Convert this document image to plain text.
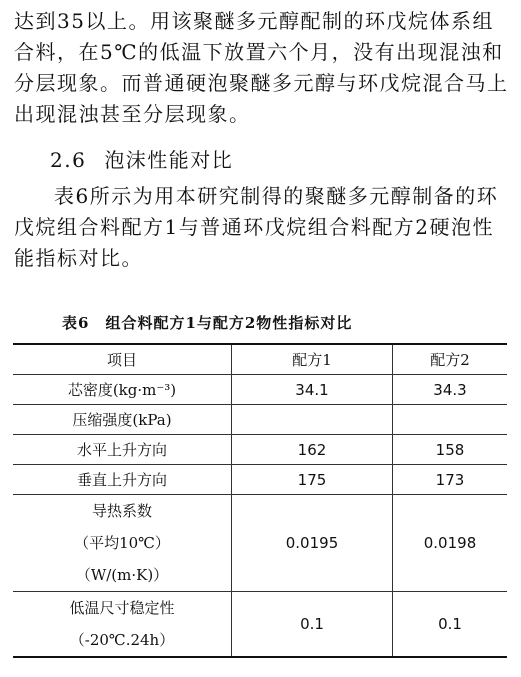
达到35以上。用该聚醚多元醇配制的环戊烷体系组合料，在5℃的低温下放置六个月，没有出现混浊和分层现象。而普通硬泡聚醚多元醇与环戊烷混合马上出现混浊甚至分层现象。
2.6 泡沫性能对比
表6所示为用本研究制得的聚醚多元醇制备的环戊烷组合料配方1与普通环戊烷组合料配方2硬泡性能指标对比。
表6 组合料配方1与配方2物性指标对比
项目	配方1	配方2
芯密度(kg·m⁻³)	34.1	34.3
压缩强度(kPa)		
水平上升方向	162	158
垂直上升方向	175	173

导热系数
（平均10℃）
（W/(m·K)）	0.0195	0.0198

低温尺寸稳定性
（-20℃.24h）	0.1	0.1
